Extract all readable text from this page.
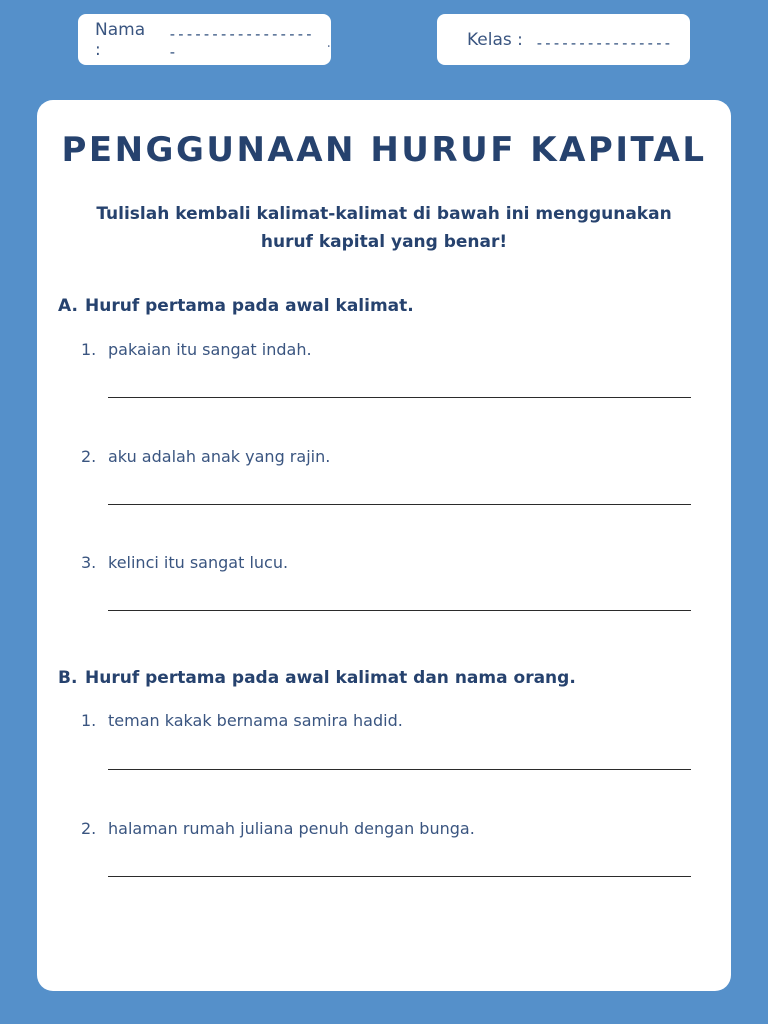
Nama :
------------------	.	Kelas : ----------------
PENGGUNAAN HURUF KAPITAL
Tulislah kembali kalimat-kalimat di bawah ini menggunakan huruf kapital yang benar!
A. Huruf pertama pada awal kalimat.
1. pakaian itu sangat indah.
2. aku adalah anak yang rajin.
3. kelinci itu sangat lucu.
B. Huruf pertama pada awal kalimat dan nama orang.
1. teman kakak bernama samira hadid.
2. halaman rumah juliana penuh dengan bunga.
